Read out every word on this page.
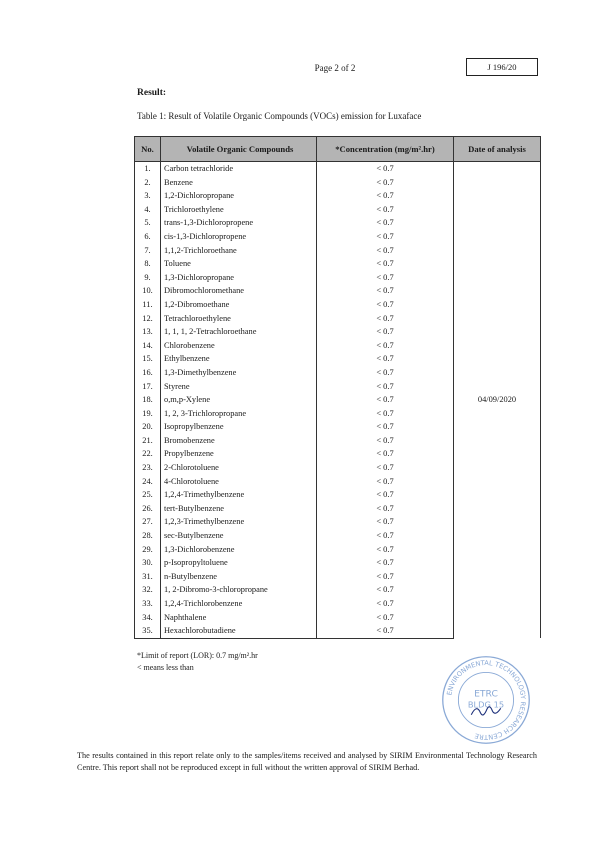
Page 2 of 2	J 196/20
Result:
Table 1: Result of Volatile Organic Compounds (VOCs) emission for Luxaface
No.	Volatile Organic Compounds	*Concentration (mg/m².hr)	Date of analysis
1.	Carbon tetrachloride	< 0.7	04/09/2020
2.	Benzene	< 0.7	
3.	1,2-Dichloropropane	< 0.7	
4.	Trichloroethylene	< 0.7	
5.	trans-1,3-Dichloropropene	< 0.7	
6.	cis-1,3-Dichloropropene	< 0.7	
7.	1,1,2-Trichloroethane	< 0.7	
8.	Toluene	< 0.7	
9.	1,3-Dichloropropane	< 0.7	
10.	Dibromochloromethane	< 0.7	
11.	1,2-Dibromoethane	< 0.7	
12.	Tetrachloroethylene	< 0.7	
13.	1, 1, 1, 2-Tetrachloroethane	< 0.7	
14.	Chlorobenzene	< 0.7	
15.	Ethylbenzene	< 0.7	
16.	1,3-Dimethylbenzene	< 0.7	
17.	Styrene	< 0.7	
18.	o,m,p-Xylene	< 0.7	
19.	1, 2, 3-Trichloropropane	< 0.7	
20.	Isopropylbenzene	< 0.7	
21.	Bromobenzene	< 0.7	
22.	Propylbenzene	< 0.7	
23.	2-Chlorotoluene	< 0.7	
24.	4-Chlorotoluene	< 0.7	
25.	1,2,4-Trimethylbenzene	< 0.7	
26.	tert-Butylbenzene	< 0.7	
27.	1,2,3-Trimethylbenzene	< 0.7	
28.	sec-Butylbenzene	< 0.7	
29.	1,3-Dichlorobenzene	< 0.7	
30.	p-Isopropyltoluene	< 0.7	
31.	n-Butylbenzene	< 0.7	
32.	1, 2-Dibromo-3-chloropropane	< 0.7	
33.	1,2,4-Trichlorobenzene	< 0.7	
34.	Naphthalene	< 0.7	
35.	Hexachlorobutadiene	< 0.7	
*Limit of report (LOR): 0.7 mg/m².hr
< means less than
ENVIRONMENTAL TECHNOLOGY RESEARCH CENTRE
ETRC
BLDG 15
The results contained in this report relate only to the samples/items received and analysed by SIRIM Environmental Technology Research Centre. This report shall not be reproduced except in full without the written approval of SIRIM Berhad.
